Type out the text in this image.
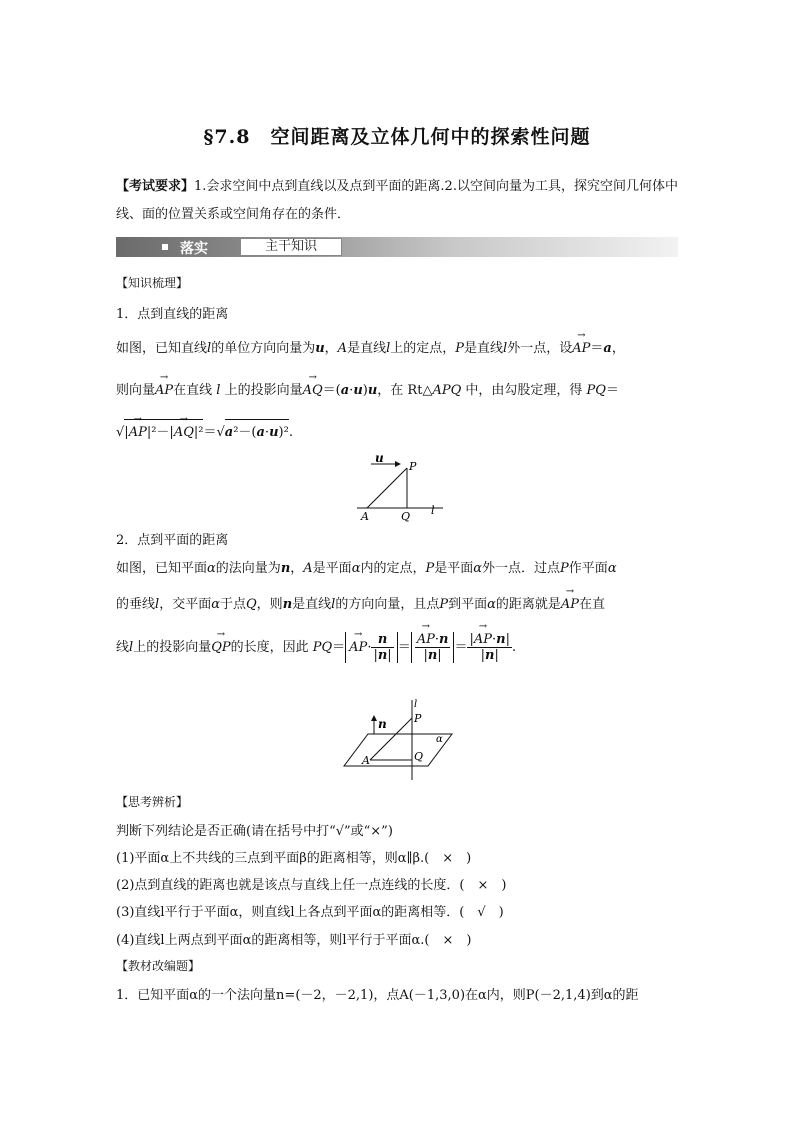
§7.8　空间距离及立体几何中的探索性问题
【考试要求】1.会求空间中点到直线以及点到平面的距离.2.以空间向量为工具，探究空间几何体中线、面的位置关系或空间角存在的条件．
落实	主干知识
【知识梳理】
1．点到直线的距离
如图，已知直线l的单位方向向量为u，A是直线l上的定点，P是直线l外一点，设→ AP＝a，
则向量→ AP在直线 l 上的投影向量→ AQ＝(a·u)u，在 Rt△APQ 中，由勾股定理，得 PQ＝
√|→ AP|²－|→ AQ|²＝√a²－(a·u)².
u
P
A	Q l
2．点到平面的距离
如图，已知平面α的法向量为n，A是平面α内的定点，P是平面α外一点．过点P作平面α
的垂线l，交平面α于点Q，则n是直线l的方向向量，且点P到平面α的距离就是→ AP在直
线l上的投影向量→ QP的长度，因此 $PQ= \to AP\cdot \frac{n}{|n|}$ ＝ → $\frac{AP\cdot n}{|n|} = \frac{|\to AP\cdot n|}{|n|}$ .
l
n P
α
A	Q
【思考辨析】
判断下列结论是否正确(请在括号中打“√”或“×”)
(1)平面α上不共线的三点到平面β的距离相等，则α∥β.(　×　)
(2)点到直线的距离也就是该点与直线上任一点连线的长度．(　×　)
(3)直线l平行于平面α，则直线l上各点到平面α的距离相等．(　√　)
(4)直线l上两点到平面α的距离相等，则l平行于平面α.(　×　)
【教材改编题】
1．已知平面α的一个法向量n=(－2，－2,1)，点A(－1,3,0)在α内，则P(－2,1,4)到α的距
